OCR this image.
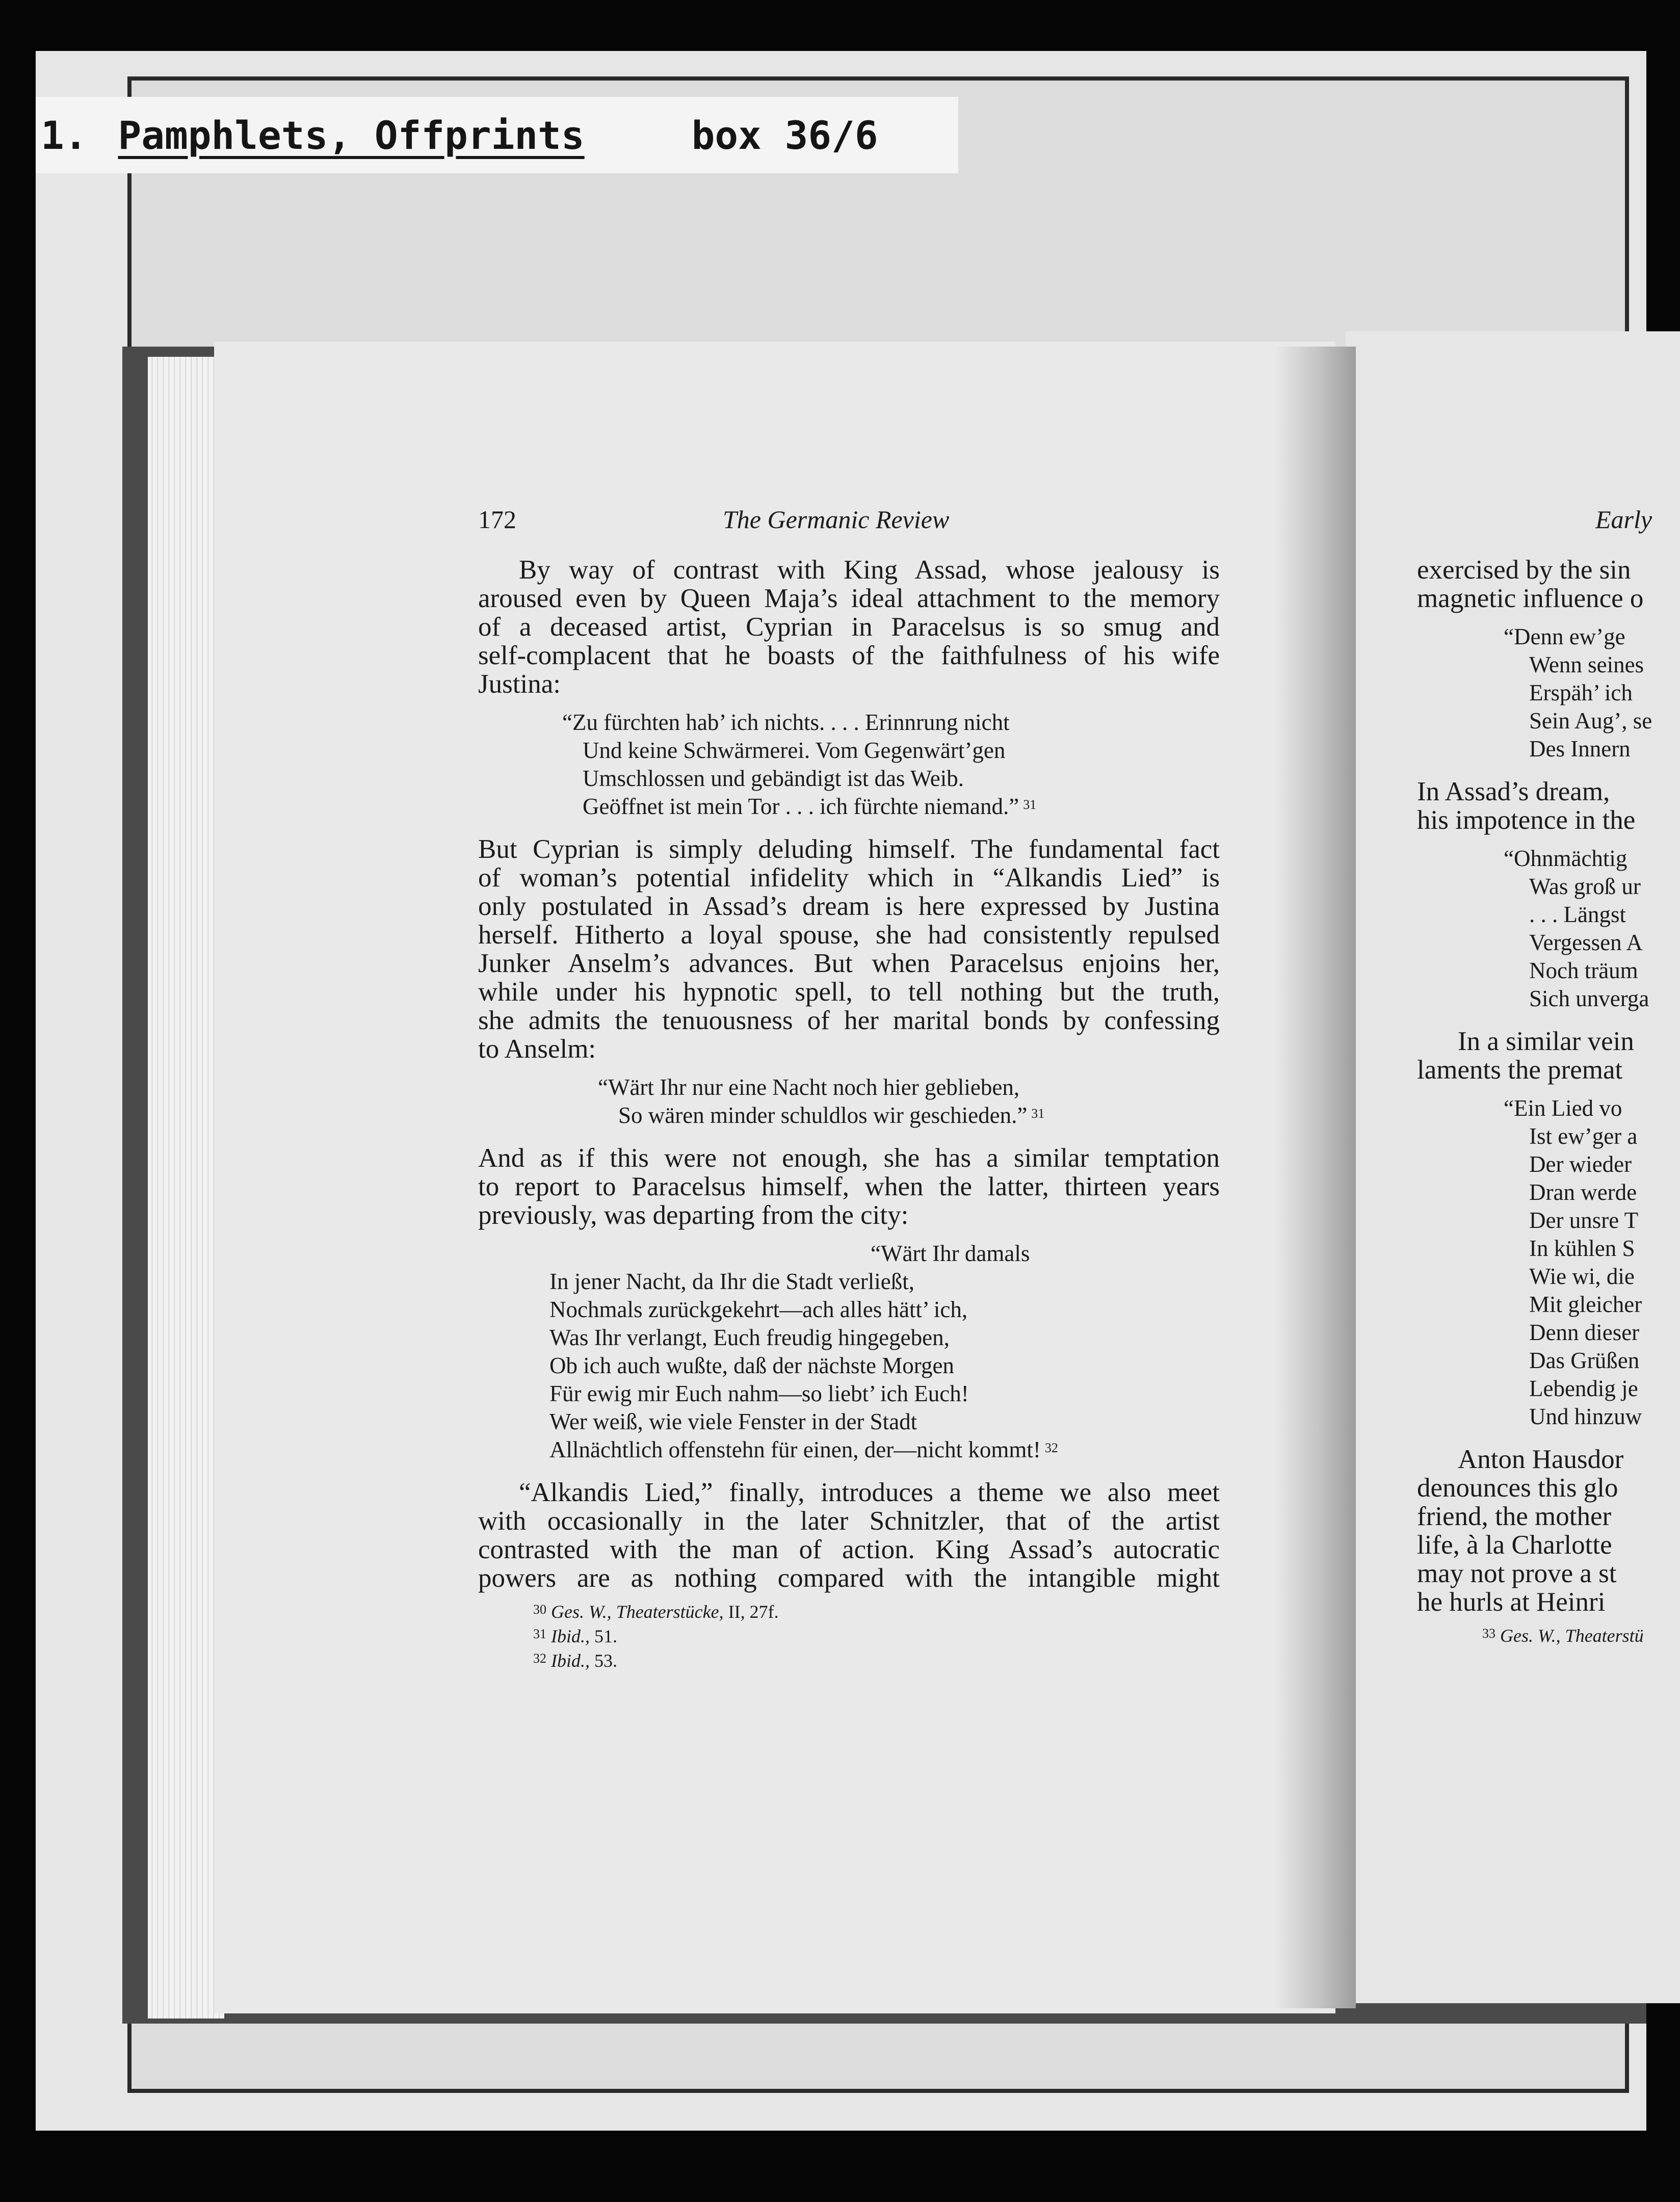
1. Pamphlets, Offprints	box 36/6
Early
exercised by the sin
magnetic influence o
“Denn ew’ge
Wenn seines
Erspäh’ ich
Sein Aug’, se
Des Innern
In Assad’s dream,
his impotence in the
“Ohnmächtig
Was groß ur
. . . Längst
Vergessen A
Noch träum
Sich unverga
In a similar vein
laments the premat
“Ein Lied vo
Ist ew’ger a
Der wieder
Dran werde
Der unsre T
In kühlen S
Wie wi, die
Mit gleicher
Denn dieser
Das Grüßen
Lebendig je
Und hinzuw
Anton Hausdor
denounces this glo
friend, the mother
life, à la Charlotte
may not prove a st
he hurls at Heinri
$^{33}$ Ges. W., Theaterstü
172	The Germanic Review

By way of contrast with King Assad, whose jealousy is

aroused even by Queen Maja’s ideal attachment to the memory

of a deceased artist, Cyprian in Paracelsus is so smug and

self-complacent that he boasts of the faithfulness of his wife

Justina:

“Zu fürchten hab’ ich nichts. . . . Erinnrung nicht
Und keine Schwärmerei. Vom Gegenwärt’gen
Umschlossen und gebändigt ist das Weib.
Geöffnet ist mein Tor . . . ich fürchte niemand.” $^{31}$

But Cyprian is simply deluding himself. The fundamental fact

of woman’s potential infidelity which in “Alkandis Lied” is

only postulated in Assad’s dream is here expressed by Justina

herself. Hitherto a loyal spouse, she had consistently repulsed

Junker Anselm’s advances. But when Paracelsus enjoins her,

while under his hypnotic spell, to tell nothing but the truth,

she admits the tenuousness of her marital bonds by confessing

to Anselm:

“Wärt Ihr nur eine Nacht noch hier geblieben,
So wären minder schuldlos wir geschieden.” $^{31}$

And as if this were not enough, she has a similar temptation

to report to Paracelsus himself, when the latter, thirteen years

previously, was departing from the city:

“Wärt Ihr damals
In jener Nacht, da Ihr die Stadt verließt,
Nochmals zurückgekehrt—ach alles hätt’ ich,
Was Ihr verlangt, Euch freudig hingegeben,
Ob ich auch wußte, daß der nächste Morgen
Für ewig mir Euch nahm—so liebt’ ich Euch!
Wer weiß, wie viele Fenster in der Stadt
Allnächtlich offenstehn für einen, der—nicht kommt! $^{32}$

“Alkandis Lied,” finally, introduces a theme we also meet

with occasionally in the later Schnitzler, that of the artist

contrasted with the man of action. King Assad’s autocratic

powers are as nothing compared with the intangible might

$^{30}$ Ges. W., Theaterstücke, II, 27f.
$^{31}$ Ibid., 51.
$^{32}$ Ibid., 53.
